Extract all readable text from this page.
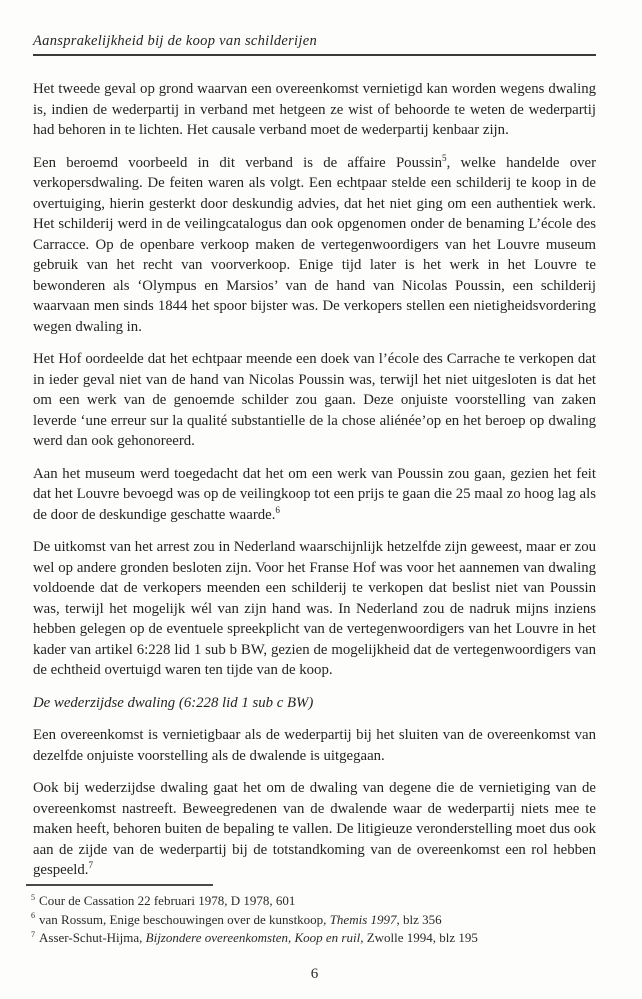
Aansprakelijkheid bij de koop van schilderijen

Het tweede geval op grond waarvan een overeenkomst vernietigd kan worden wegens dwaling is, indien de wederpartij in verband met hetgeen ze wist of behoorde te weten de wederpartij had behoren in te lichten. Het causale verband moet de wederpartij kenbaar zijn.

Een beroemd voorbeeld in dit verband is de affaire Poussin$^5$, welke handelde over verkopersdwaling. De feiten waren als volgt. Een echtpaar stelde een schilderij te koop in de overtuiging, hierin gesterkt door deskundig advies, dat het niet ging om een authentiek werk. Het schilderij werd in de veilingcatalogus dan ook opgenomen onder de benaming L’école des Carracce. Op de openbare verkoop maken de vertegenwoordigers van het Louvre museum gebruik van het recht van voorverkoop. Enige tijd later is het werk in het Louvre te bewonderen als ‘Olympus en Marsios’ van de hand van Nicolas Poussin, een schilderij waarvaan men sinds 1844 het spoor bijster was. De verkopers stellen een nietigheidsvordering wegen dwaling in.

Het Hof oordeelde dat het echtpaar meende een doek van l’école des Carrache te verkopen dat in ieder geval niet van de hand van Nicolas Poussin was, terwijl het niet uitgesloten is dat het om een werk van de genoemde schilder zou gaan. Deze onjuiste voorstelling van zaken leverde ‘une erreur sur la qualité substantielle de la chose aliénée’op en het beroep op dwaling werd dan ook gehonoreerd.

Aan het museum werd toegedacht dat het om een werk van Poussin zou gaan, gezien het feit dat het Louvre bevoegd was op de veilingkoop tot een prijs te gaan die 25 maal zo hoog lag als de door de deskundige geschatte waarde.$^6$

De uitkomst van het arrest zou in Nederland waarschijnlijk hetzelfde zijn geweest, maar er zou wel op andere gronden besloten zijn. Voor het Franse Hof was voor het aannemen van dwaling voldoende dat de verkopers meenden een schilderij te verkopen dat beslist niet van Poussin was, terwijl het mogelijk wél van zijn hand was. In Nederland zou de nadruk mijns inziens hebben gelegen op de eventuele spreekplicht van de vertegenwoordigers van het Louvre in het kader van artikel 6:228 lid 1 sub b BW, gezien de mogelijkheid dat de vertegenwoordigers van de echtheid overtuigd waren ten tijde van de koop.

De wederzijdse dwaling (6:228 lid 1 sub c BW)

Een overeenkomst is vernietigbaar als de wederpartij bij het sluiten van de overeenkomst van dezelfde onjuiste voorstelling als de dwalende is uitgegaan.

Ook bij wederzijdse dwaling gaat het om de dwaling van degene die de vernietiging van de overeenkomst nastreeft. Beweegredenen van de dwalende waar de wederpartij niets mee te maken heeft, behoren buiten de bepaling te vallen. De litigieuze veronderstelling moet dus ook aan de zijde van de wederpartij bij de totstandkoming van de overeenkomst een rol hebben gespeeld.$^7$

$^5$ Cour de Cassation 22 februari 1978, D 1978, 601
$^6$ van Rossum, Enige beschouwingen over de kunstkoop, Themis 1997, blz 356
$^7$ Asser-Schut-Hijma, Bijzondere overeenkomsten, Koop en ruil, Zwolle 1994, blz 195
6
